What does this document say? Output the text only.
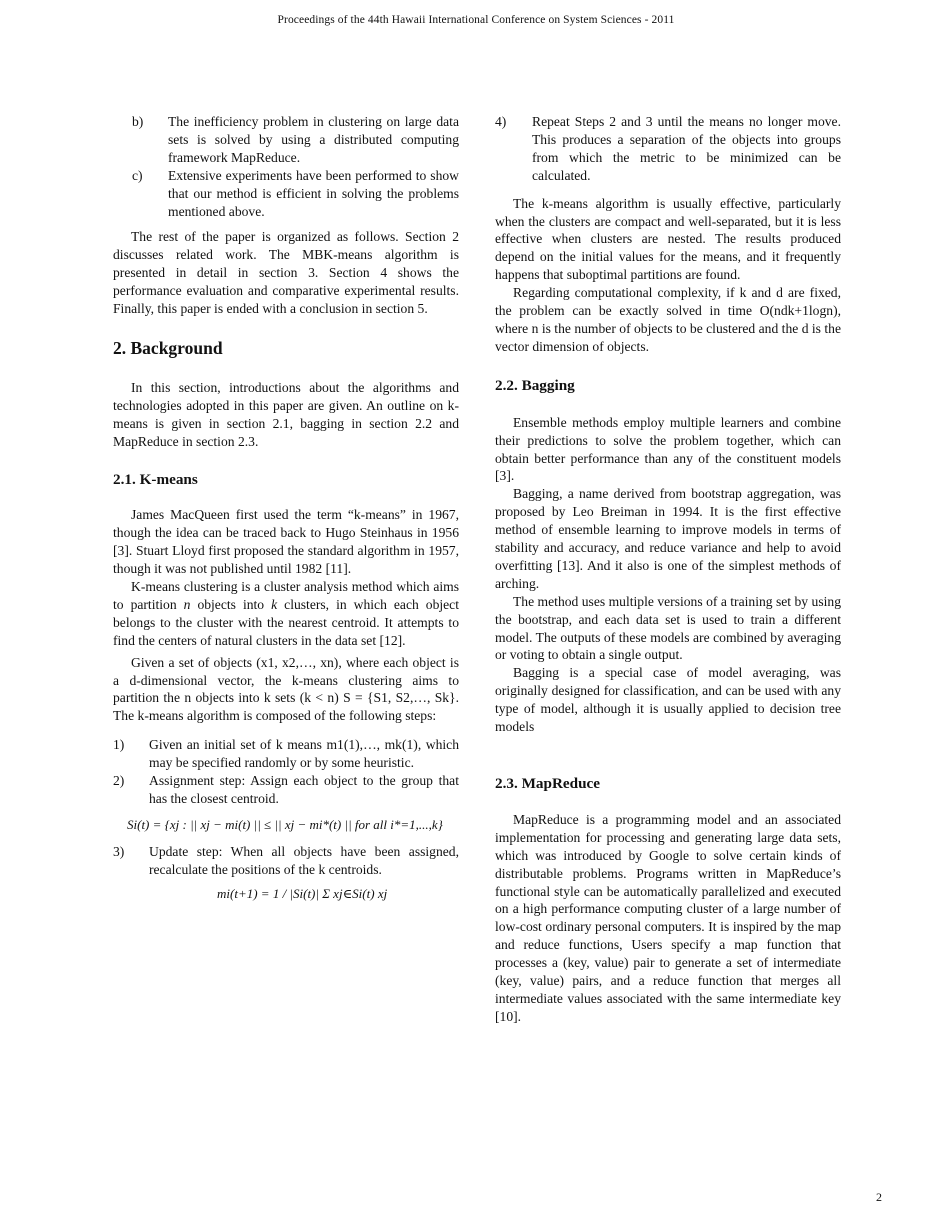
Proceedings of the 44th Hawaii International Conference on System Sciences - 2011
b)	The inefficiency problem in clustering on large data sets is solved by using a distributed computing framework MapReduce.
c)	Extensive experiments have been performed to show that our method is efficient in solving the problems mentioned above.

The rest of the paper is organized as follows. Section 2 discusses related work. The MBK-means algorithm is presented in detail in section 3. Section 4 shows the performance evaluation and comparative experimental results. Finally, this paper is ended with a conclusion in section 5.

2. Background

In this section, introductions about the algorithms and technologies adopted in this paper are given. An outline on k-means is given in section 2.1, bagging in section 2.2 and MapReduce in section 2.3.

2.1. K-means

James MacQueen first used the term “k-means” in 1967, though the idea can be traced back to Hugo Steinhaus in 1956 [3]. Stuart Lloyd first proposed the standard algorithm in 1957, though it was not published until 1982 [11].

K-means clustering is a cluster analysis method which aims to partition n objects into k clusters, in which each object belongs to the cluster with the nearest centroid. It attempts to find the centers of natural clusters in the data set [12].

Given a set of objects (x1, x2,…, xn), where each object is a d-dimensional vector, the k-means clustering aims to partition the n objects into k sets (k < n) S = {S1, S2,…, Sk}. The k-means algorithm is composed of the following steps:

1)	Given an initial set of k means m1(1),…, mk(1), which may be specified randomly or by some heuristic.
2)	Assignment step: Assign each object to the group that has the closest centroid.
Si(t) = {xj : || xj − mi(t) || ≤ || xj − mi*(t) || for all i*=1,...,k}
3)	Update step: When all objects have been assigned, recalculate the positions of the k centroids.
mi(t+1) = 1 / |Si(t)| Σ xj∈Si(t) xj
4)	Repeat Steps 2 and 3 until the means no longer move. This produces a separation of the objects into groups from which the metric to be minimized can be calculated.

The k-means algorithm is usually effective, particularly when the clusters are compact and well-separated, but it is less effective when clusters are nested. The results produced depend on the initial values for the means, and it frequently happens that suboptimal partitions are found.

Regarding computational complexity, if k and d are fixed, the problem can be exactly solved in time O(ndk+1logn), where n is the number of objects to be clustered and the d is the vector dimension of objects.

2.2. Bagging

Ensemble methods employ multiple learners and combine their predictions to solve the problem together, which can obtain better performance than any of the constituent models [3].

Bagging, a name derived from bootstrap aggregation, was proposed by Leo Breiman in 1994. It is the first effective method of ensemble learning to improve models in terms of stability and accuracy, and reduce variance and help to avoid overfitting [13]. And it also is one of the simplest methods of arching.

The method uses multiple versions of a training set by using the bootstrap, and each data set is used to train a different model. The outputs of these models are combined by averaging or voting to obtain a single output.

Bagging is a special case of model averaging, was originally designed for classification, and can be used with any type of model, although it is usually applied to decision tree models

2.3. MapReduce

MapReduce is a programming model and an associated implementation for processing and generating large data sets, which was introduced by Google to solve certain kinds of distributable problems. Programs written in MapReduce’s functional style can be automatically parallelized and executed on a high performance computing cluster of a large number of low-cost ordinary personal computers. It is inspired by the map and reduce functions, Users specify a map function that processes a (key, value) pair to generate a set of intermediate (key, value) pairs, and a reduce function that merges all intermediate values associated with the same intermediate key [10].

2
